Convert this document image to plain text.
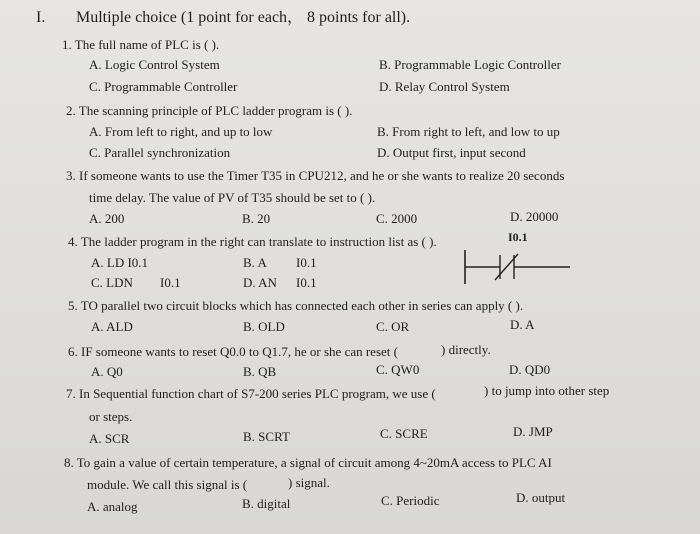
I. Multiple choice (1 point for each， 8 points for all).
1. The full name of PLC is ( ).
A. Logic Control System	B. Programmable Logic Controller
C. Programmable Controller	D. Relay Control System
2. The scanning principle of PLC ladder program is ( ).
A. From left to right, and up to low	B. From right to left, and low to up
C. Parallel synchronization	D. Output first, input second
3. If someone wants to use the Timer T35 in CPU212, and he or she wants to realize 20 seconds
time delay. The value of PV of T35 should be set to ( ).
A. 200	B. 20	C. 2000	D. 20000
4. The ladder program in the right can translate to instruction list as ( ).
A. LD I0.1	B. A I0.1
C. LDN I0.1	D. AN I0.1
I0.1
5. TO parallel two circuit blocks which has connected each other in series can apply ( ).
A. ALD	B. OLD	C. OR	D. A
6. IF someone wants to reset Q0.0 to Q1.7, he or she can reset (	) directly.
A. Q0	B. QB	C. QW0	D. QD0
7. In Sequential function chart of S7-200 series PLC program, we use (	) to jump into other step
or steps.
A. SCR	B. SCRT	C. SCRE	D. JMP
8. To gain a value of certain temperature, a signal of circuit among 4~20mA access to PLC AI
module. We call this signal is (	) signal.
A. analog	B. digital	C. Periodic	D. output
